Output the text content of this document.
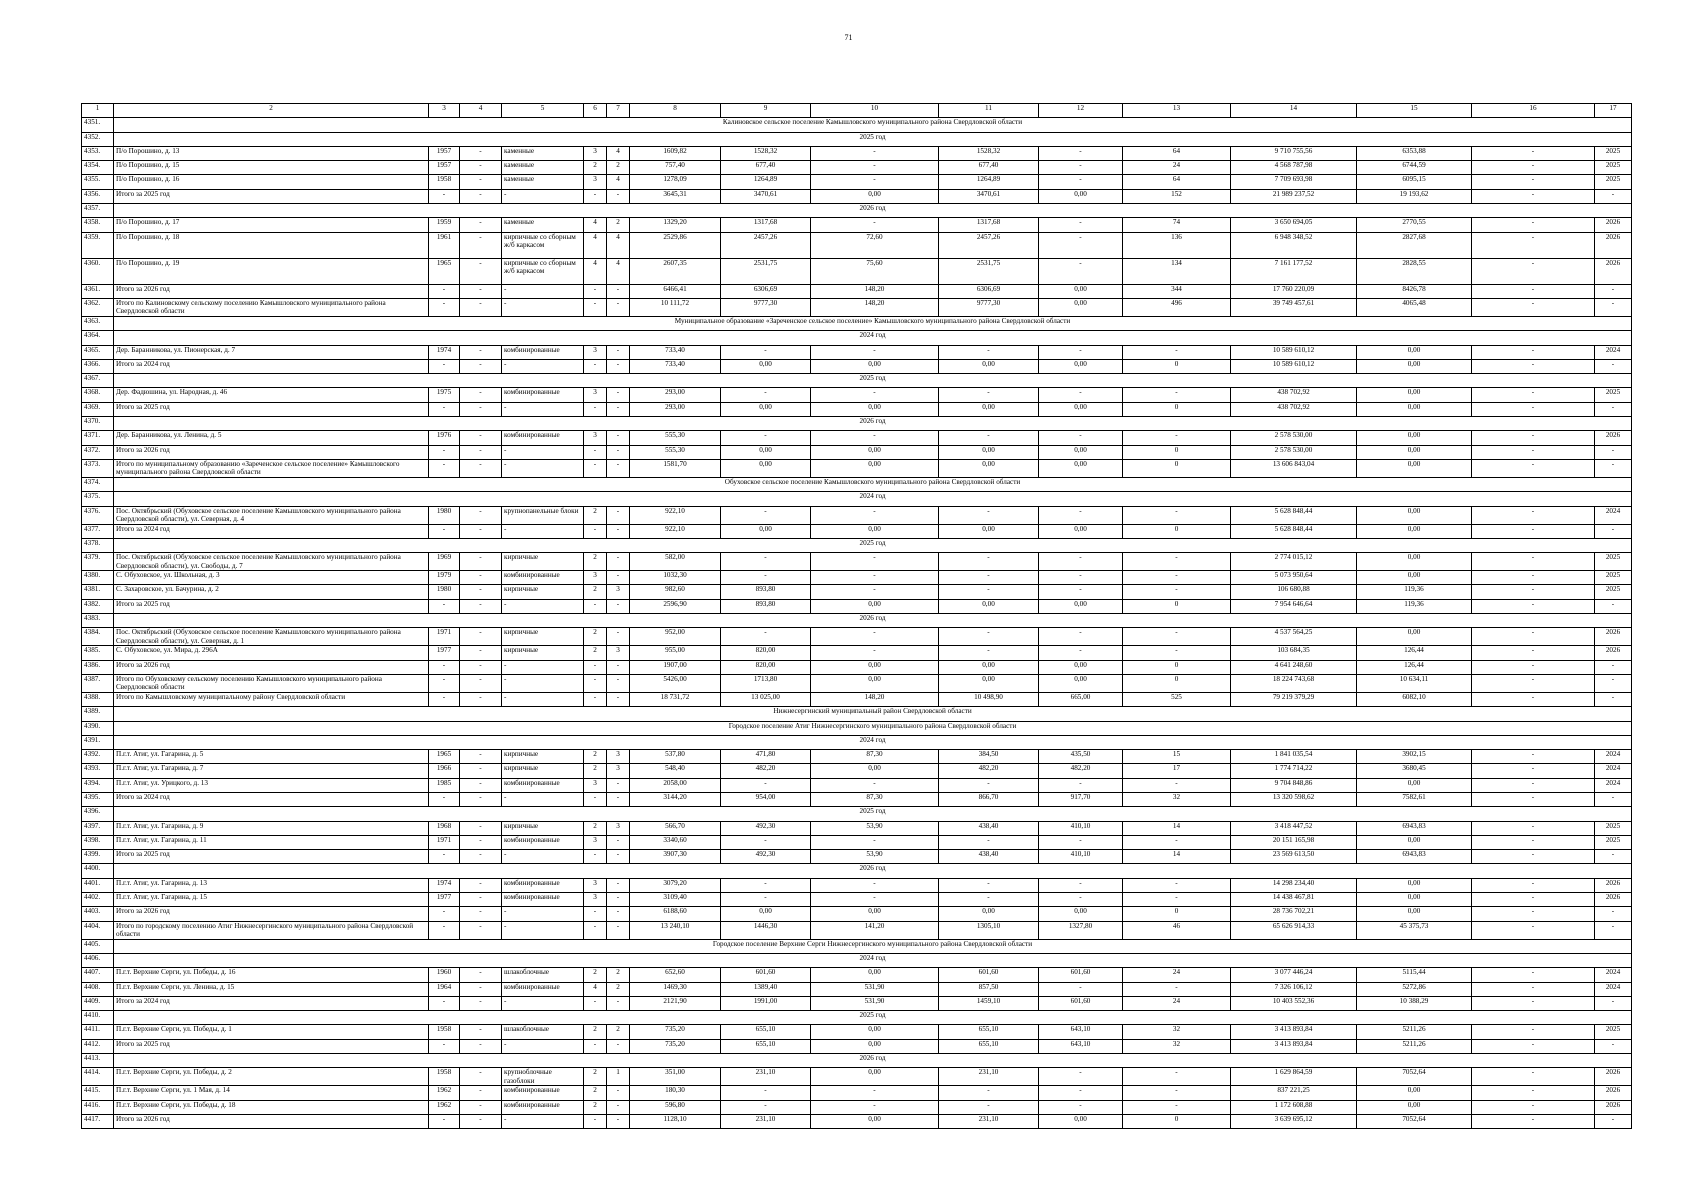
71
1	2	3	4	5	6	7	8	9	10	11	12	13	14	15	16	17
4351.	Калиновское сельское поселение Камышловского муниципального района Свердловской области															
4352.	2025 год															
4353.	П/о Порошино, д. 13	1957	-	каменные	3	4	1609,82	1528,32	-	1528,32	-	64	9 710 755,56	6353,88	-	2025
4354.	П/о Порошино, д. 15	1957	-	каменные	2	2	757,40	677,40	-	677,40	-	24	4 568 787,98	6744,59	-	2025
4355.	П/о Порошино, д. 16	1958	-	каменные	3	4	1278,09	1264,89	-	1264,89	-	64	7 709 693,98	6095,15	-	2025
4356.	Итого за 2025 год	-	-	-	-	-	3645,31	3470,61	0,00	3470,61	0,00	152	21 989 237,52	19 193,62	-	-
4357.	2026 год															
4358.	П/о Порошино, д. 17	1959	-	каменные	4	2	1329,20	1317,68	-	1317,68	-	74	3 650 694,05	2770,55	-	2026
4359.	П/о Порошино, д. 18	1961	-	кирпичные со сборным ж/б каркасом	4	4	2529,86	2457,26	72,60	2457,26	-	136	6 948 348,52	2827,68	-	2026
4360.	П/о Порошино, д. 19	1965	-	кирпичные со сборным ж/б каркасом	4	4	2607,35	2531,75	75,60	2531,75	-	134	7 161 177,52	2828,55	-	2026
4361.	Итого за 2026 год	-	-	-	-	-	6466,41	6306,69	148,20	6306,69	0,00	344	17 760 220,09	8426,78	-	-
4362.	Итого по Калиновскому сельскому поселению Камышловского муниципального района Свердловской области	-	-	-	-	-	10 111,72	9777,30	148,20	9777,30	0,00	496	39 749 457,61	4065,48	-	-
4363.	Муниципальное образование «Зареченское сельское поселение» Камышловского муниципального района Свердловской области															
4364.	2024 год															
4365.	Дер. Баранникова, ул. Пионерская, д. 7	1974	-	комбинированные	3	-	733,40	-	-	-	-	-	10 589 610,12	0,00	-	2024
4366.	Итого за 2024 год	-	-	-	-	-	733,40	0,00	0,00	0,00	0,00	0	10 589 610,12	0,00	-	-
4367.	2025 год															
4368.	Дер. Фадюшина, ул. Народная, д. 46	1975	-	комбинированные	3	-	293,00	-	-	-	-	-	438 702,92	0,00	-	2025
4369.	Итого за 2025 год	-	-	-	-	-	293,00	0,00	0,00	0,00	0,00	0	438 702,92	0,00	-	-
4370.	2026 год															
4371.	Дер. Баранникова, ул. Ленина, д. 5	1976	-	комбинированные	3	-	555,30	-	-	-	-	-	2 578 530,00	0,00	-	2026
4372.	Итого за 2026 год	-	-	-	-	-	555,30	0,00	0,00	0,00	0,00	0	2 578 530,00	0,00	-	-
4373.	Итого по муниципальному образованию «Зареченское сельское поселение» Камышловского муниципального района Свердловской области	-	-	-	-	-	1581,70	0,00	0,00	0,00	0,00	0	13 606 843,04	0,00	-	-
4374.	Обуховское сельское поселение Камышловского муниципального района Свердловской области															
4375.	2024 год															
4376.	Пос. Октябрьский (Обуховское сельское поселение Камышловского муниципального района Свердловской области), ул. Северная, д. 4	1980	-	крупнопанельные блоки	2	-	922,10	-	-	-	-	-	5 628 848,44	0,00	-	2024
4377.	Итого за 2024 год	-	-	-	-	-	922,10	0,00	0,00	0,00	0,00	0	5 628 848,44	0,00	-	-
4378.	2025 год															
4379.	Пос. Октябрьский (Обуховское сельское поселение Камышловского муниципального района Свердловской области), ул. Свободы, д. 7	1969	-	кирпичные	2	-	582,00	-	-	-	-	-	2 774 015,12	0,00	-	2025
4380.	С. Обуховское, ул. Школьная, д. 3	1979	-	комбинированные	3	-	1032,30	-	-	-	-	-	5 073 950,64	0,00	-	2025
4381.	С. Захаровское, ул. Бачурина, д. 2	1980	-	кирпичные	2	3	982,60	893,80	-	-	-	-	106 680,88	119,36	-	2025
4382.	Итого за 2025 год	-	-	-	-	-	2596,90	893,80	0,00	0,00	0,00	0	7 954 646,64	119,36	-	-
4383.	2026 год															
4384.	Пос. Октябрьский (Обуховское сельское поселение Камышловского муниципального района Свердловской области), ул. Северная, д. 1	1971	-	кирпичные	2	-	952,00	-	-	-	-	-	4 537 564,25	0,00	-	2026
4385.	С. Обуховское, ул. Мира, д. 296А	1977	-	кирпичные	2	3	955,00	820,00	-	-	-	-	103 684,35	126,44	-	2026
4386.	Итого за 2026 год	-	-	-	-	-	1907,00	820,00	0,00	0,00	0,00	0	4 641 248,60	126,44	-	-
4387.	Итого по Обуховскому сельскому поселению Камышловского муниципального района Свердловской области	-	-	-	-	-	5426,00	1713,80	0,00	0,00	0,00	0	18 224 743,68	10 634,11	-	-
4388.	Итого по Камышловскому муниципальному району Свердловской области	-	-	-	-	-	18 731,72	13 025,00	148,20	10 498,90	665,00	525	79 219 379,29	6082,10	-	-
4389.	Нижнесергинский муниципальный район Свердловской области															
4390.	Городское поселение Атиг Нижнесергинского муниципального района Свердловской области															
4391.	2024 год															
4392.	П.г.т. Атиг, ул. Гагарина, д. 5	1965	-	кирпичные	2	3	537,80	471,80	87,30	384,50	435,50	15	1 841 035,54	3902,15	-	2024
4393.	П.г.т. Атиг, ул. Гагарина, д. 7	1966	-	кирпичные	2	3	548,40	482,20	0,00	482,20	482,20	17	1 774 714,22	3680,45	-	2024
4394.	П.г.т. Атиг, ул. Урицкого, д. 13	1985	-	комбинированные	3	-	2058,00	-	-	-	-	-	9 704 848,86	0,00	-	2024
4395.	Итого за 2024 год	-	-	-	-	-	3144,20	954,00	87,30	866,70	917,70	32	13 320 598,62	7582,61	-	-
4396.	2025 год															
4397.	П.г.т. Атиг, ул. Гагарина, д. 9	1968	-	кирпичные	2	3	566,70	492,30	53,90	438,40	410,10	14	3 418 447,52	6943,83	-	2025
4398.	П.г.т. Атиг, ул. Гагарина, д. 11	1971	-	комбинированные	3	-	3340,60	-	-	-	-	-	20 151 165,98	0,00	-	2025
4399.	Итого за 2025 год	-	-	-	-	-	3907,30	492,30	53,90	438,40	410,10	14	23 569 613,50	6943,83	-	-
4400.	2026 год															
4401.	П.г.т. Атиг, ул. Гагарина, д. 13	1974	-	комбинированные	3	-	3079,20	-	-	-	-	-	14 298 234,40	0,00	-	2026
4402.	П.г.т. Атиг, ул. Гагарина, д. 15	1977	-	комбинированные	3	-	3109,40	-	-	-	-	-	14 438 467,81	0,00	-	2026
4403.	Итого за 2026 год	-	-	-	-	-	6188,60	0,00	0,00	0,00	0,00	0	28 736 702,21	0,00	-	-
4404.	Итого по городскому поселению Атиг Нижнесергинского муниципального района Свердловской области	-	-	-	-	-	13 240,10	1446,30	141,20	1305,10	1327,80	46	65 626 914,33	45 375,73	-	-
4405.	Городское поселение Верхние Серги Нижнесергинского муниципального района Свердловской области															
4406.	2024 год															
4407.	П.г.т. Верхние Серги, ул. Победы, д. 16	1960	-	шлакоблочные	2	2	652,60	601,60	0,00	601,60	601,60	24	3 077 446,24	5115,44	-	2024
4408.	П.г.т. Верхние Серги, ул. Ленина, д. 15	1964	-	комбинированные	4	2	1469,30	1389,40	531,90	857,50	-	-	7 326 106,12	5272,86	-	2024
4409.	Итого за 2024 год	-	-	-	-	-	2121,90	1991,00	531,90	1459,10	601,60	24	10 403 552,36	10 388,29	-	-
4410.	2025 год															
4411.	П.г.т. Верхние Серги, ул. Победы, д. 1	1958	-	шлакоблочные	2	2	735,20	655,10	0,00	655,10	643,10	32	3 413 893,84	5211,26	-	2025
4412.	Итого за 2025 год	-	-	-	-	-	735,20	655,10	0,00	655,10	643,10	32	3 413 893,84	5211,26	-	-
4413.	2026 год															
4414.	П.г.т. Верхние Серги, ул. Победы, д. 2	1958	-	крупноблочные газоблоки	2	1	351,00	231,10	0,00	231,10	-	-	1 629 864,59	7052,64	-	2026
4415.	П.г.т. Верхние Серги, ул. 1 Мая, д. 14	1962	-	комбинированные	2	-	180,30	-	-	-	-	-	837 221,25	0,00	-	2026
4416.	П.г.т. Верхние Серги, ул. Победы, д. 18	1962	-	комбинированные	2	-	596,80	-	-	-	-	-	1 172 608,88	0,00	-	2026
4417.	Итого за 2026 год	-	-	-	-	-	1128,10	231,10	0,00	231,10	0,00	0	3 639 695,12	7052,64	-	-
